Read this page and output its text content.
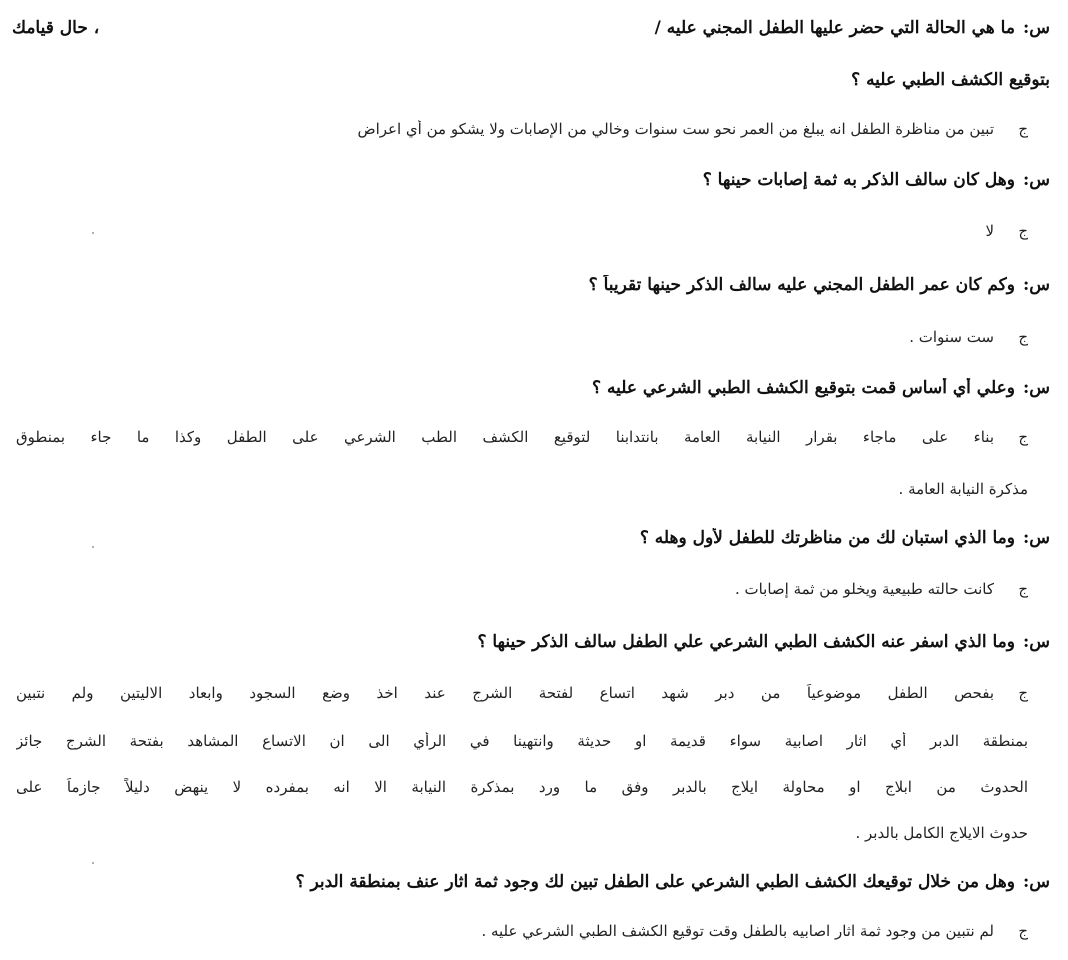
س:ما هي الحالة التي حضر عليها الطفل المجني عليه /
، حال قيامك
بتوقيع الكشف الطبي عليه ؟
جتبين من مناظرة الطفل انه يبلغ من العمر نحو ست سنوات وخالي من الإصابات ولا يشكو من أي اعراض
س:وهل كان سالف الذكر به ثمة إصابات حينها ؟
جلا
س:وكم كان عمر الطفل المجني عليه سالف الذكر حينها تقريباً ؟
جست سنوات .
س:وعلي أي أساس قمت بتوقيع الكشف الطبي الشرعي عليه ؟
جبناء على ماجاء بقرار النيابة العامة بانتدابنا لتوقيع الكشف الطب الشرعي على الطفل وكذا ما جاء بمنطوق
مذكرة النيابة العامة .
س:وما الذي استبان لك من مناظرتك للطفل لأول وهله ؟
جكانت حالته طبيعية ويخلو من ثمة إصابات .
س:وما الذي اسفر عنه الكشف الطبي الشرعي علي الطفل سالف الذكر حينها ؟
جبفحص الطفل موضوعياً من دبر شهد اتساع لفتحة الشرج عند اخذ وضع السجود وابعاد الاليتين ولم نتبين
بمنطقة الدبر أي اثار اصابية سواء قديمة او حديثة وانتهينا في الرأي الى ان الاتساع المشاهد بفتحة الشرج جائز
الحدوث من ابلاج او محاولة ايلاج بالدبر وفق ما ورد بمذكرة النيابة الا انه بمفرده لا ينهض دليلاً جازماً على
حدوث الايلاج الكامل بالدبر .
س:وهل من خلال توقيعك الكشف الطبي الشرعي على الطفل تبين لك وجود ثمة اثار عنف بمنطقة الدبر ؟
جلم نتبين من وجود ثمة اثار اصابيه بالطفل وقت توقيع الكشف الطبي الشرعي عليه .
